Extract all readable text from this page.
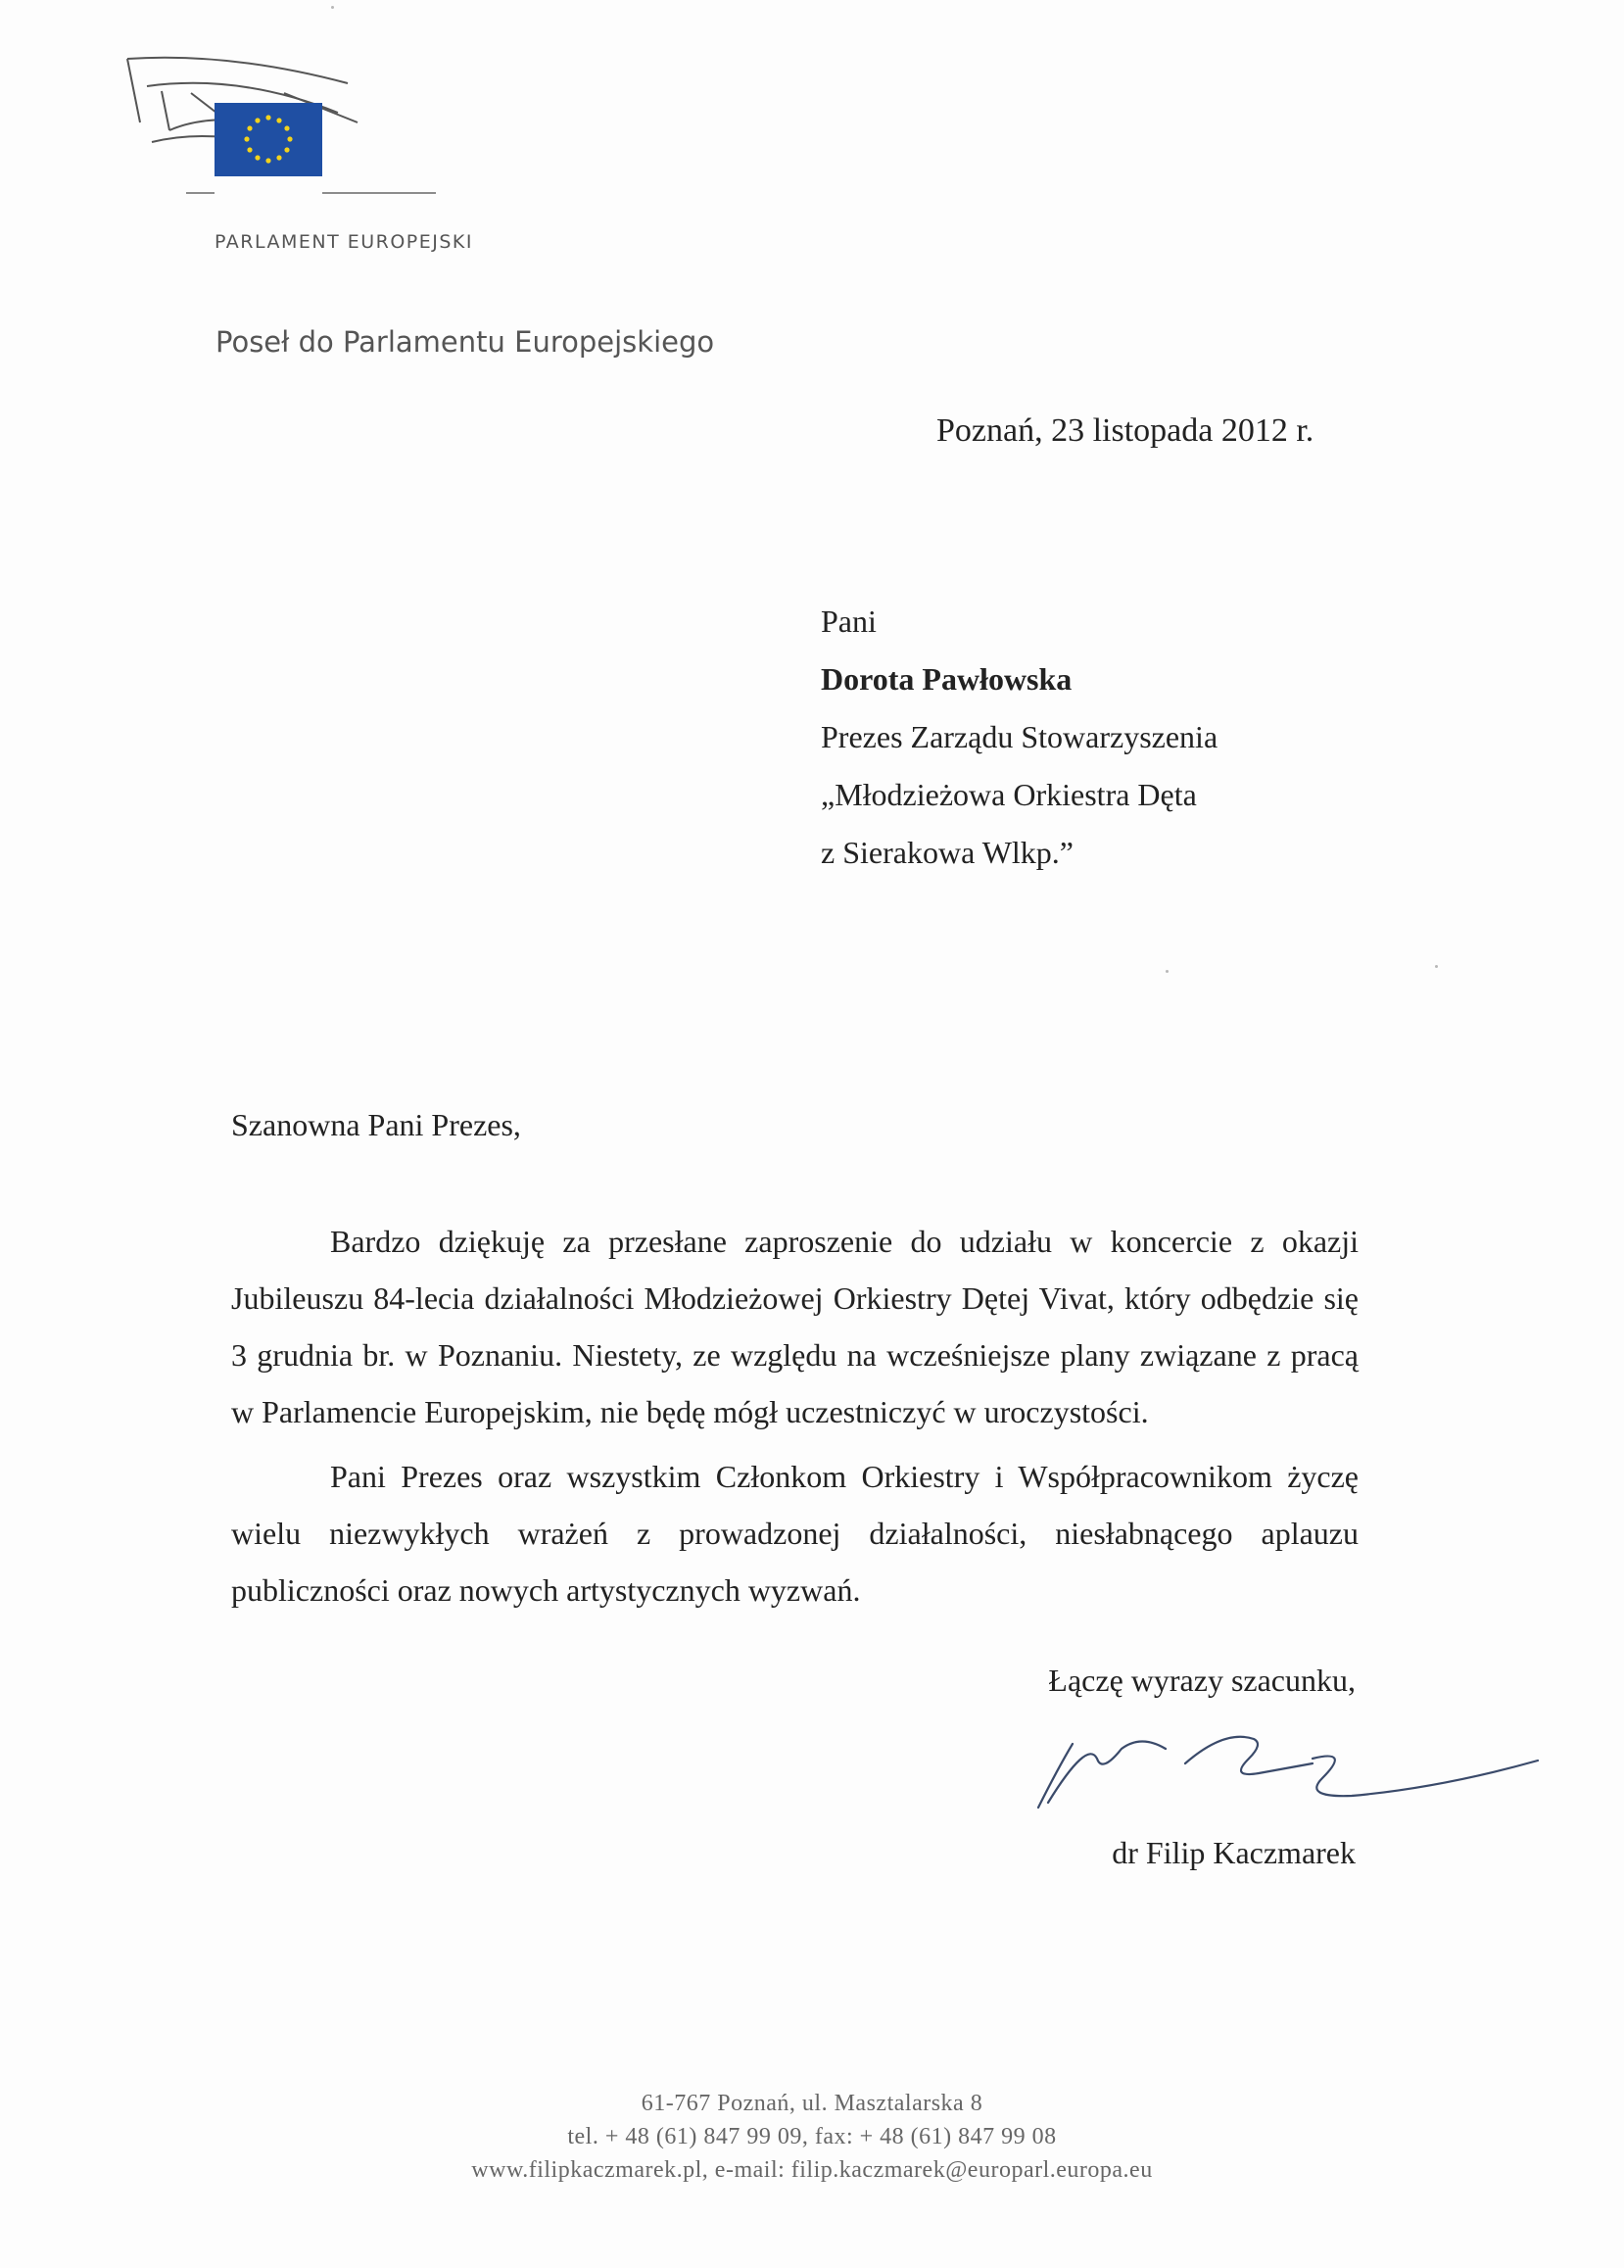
PARLAMENT EUROPEJSKI
Poseł do Parlamentu Europejskiego
Poznań, 23 listopada 2012 r.
Pani
Dorota Pawłowska
Prezes Zarządu Stowarzyszenia
„Młodzieżowa Orkiestra Dęta
z Sierakowa Wlkp.”
Szanowna Pani Prezes,

Bardzo dziękuję za przesłane zaproszenie do udziału w koncercie z okazji Jubileuszu 84-lecia działalności Młodzieżowej Orkiestry Dętej Vivat, który odbędzie się 3 grudnia br. w Poznaniu. Niestety, ze względu na wcześniejsze plany związane z pracą w Parlamencie Europejskim, nie będę mógł uczestniczyć w uroczystości.

Pani Prezes oraz wszystkim Członkom Orkiestry i Współpracownikom życzę wielu niezwykłych wrażeń z prowadzonej działalności, niesłabnącego aplauzu publiczności oraz nowych artystycznych wyzwań.

Łączę wyrazy szacunku,
dr Filip Kaczmarek
61-767 Poznań, ul. Masztalarska 8
tel. + 48 (61) 847 99 09, fax: + 48 (61) 847 99 08
www.filipkaczmarek.pl, e-mail: filip.kaczmarek@europarl.europa.eu
